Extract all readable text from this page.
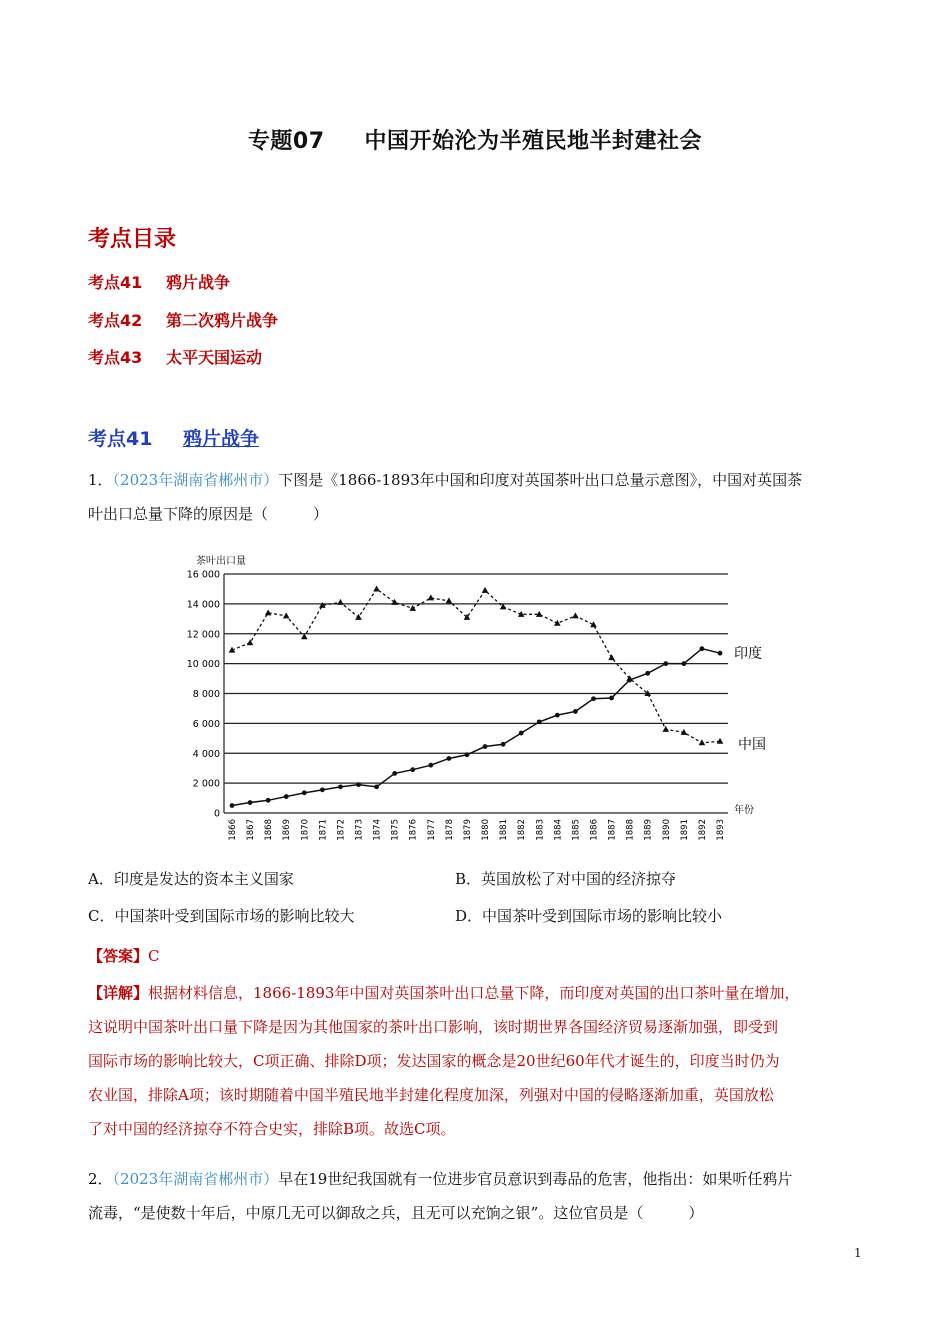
专题07 中国开始沦为半殖民地半封建社会
考点目录
考点41 鸦片战争
考点42 第二次鸦片战争
考点43 太平天国运动
考点41 鸦片战争
1．（2023年湖南省郴州市）下图是《1866-1893年中国和印度对英国茶叶出口总量示意图》，中国对英国茶
叶出口总量下降的原因是（　　　）
16 000
14 000
12 000
10 000
8 000
6 000
4 000
2 000
0
1866 1867 1868 1869 1870 1871 1872 1873 1874 1875 1876 1877 1878 1879 1880 1881 1882 1883 1884 1885 1886 1887 1888 1889 1890 1891 1892 1893
茶叶出口量
年份
印度
中国
A．印度是发达的资本主义国家	B．英国放松了对中国的经济掠夺
C．中国茶叶受到国际市场的影响比较大	D．中国茶叶受到国际市场的影响比较小
【答案】C
【详解】根据材料信息，1866-1893年中国对英国茶叶出口总量下降，而印度对英国的出口茶叶量在增加，
这说明中国茶叶出口量下降是因为其他国家的茶叶出口影响，该时期世界各国经济贸易逐渐加强，即受到
国际市场的影响比较大，C项正确、排除D项；发达国家的概念是20世纪60年代才诞生的，印度当时仍为
农业国，排除A项；该时期随着中国半殖民地半封建化程度加深，列强对中国的侵略逐渐加重，英国放松
了对中国的经济掠夺不符合史实，排除B项。故选C项。
2．（2023年湖南省郴州市）早在19世纪我国就有一位进步官员意识到毒品的危害，他指出：如果听任鸦片
流毒，“是使数十年后，中原几无可以御敌之兵，且无可以充饷之银”。这位官员是（　　　）
1
